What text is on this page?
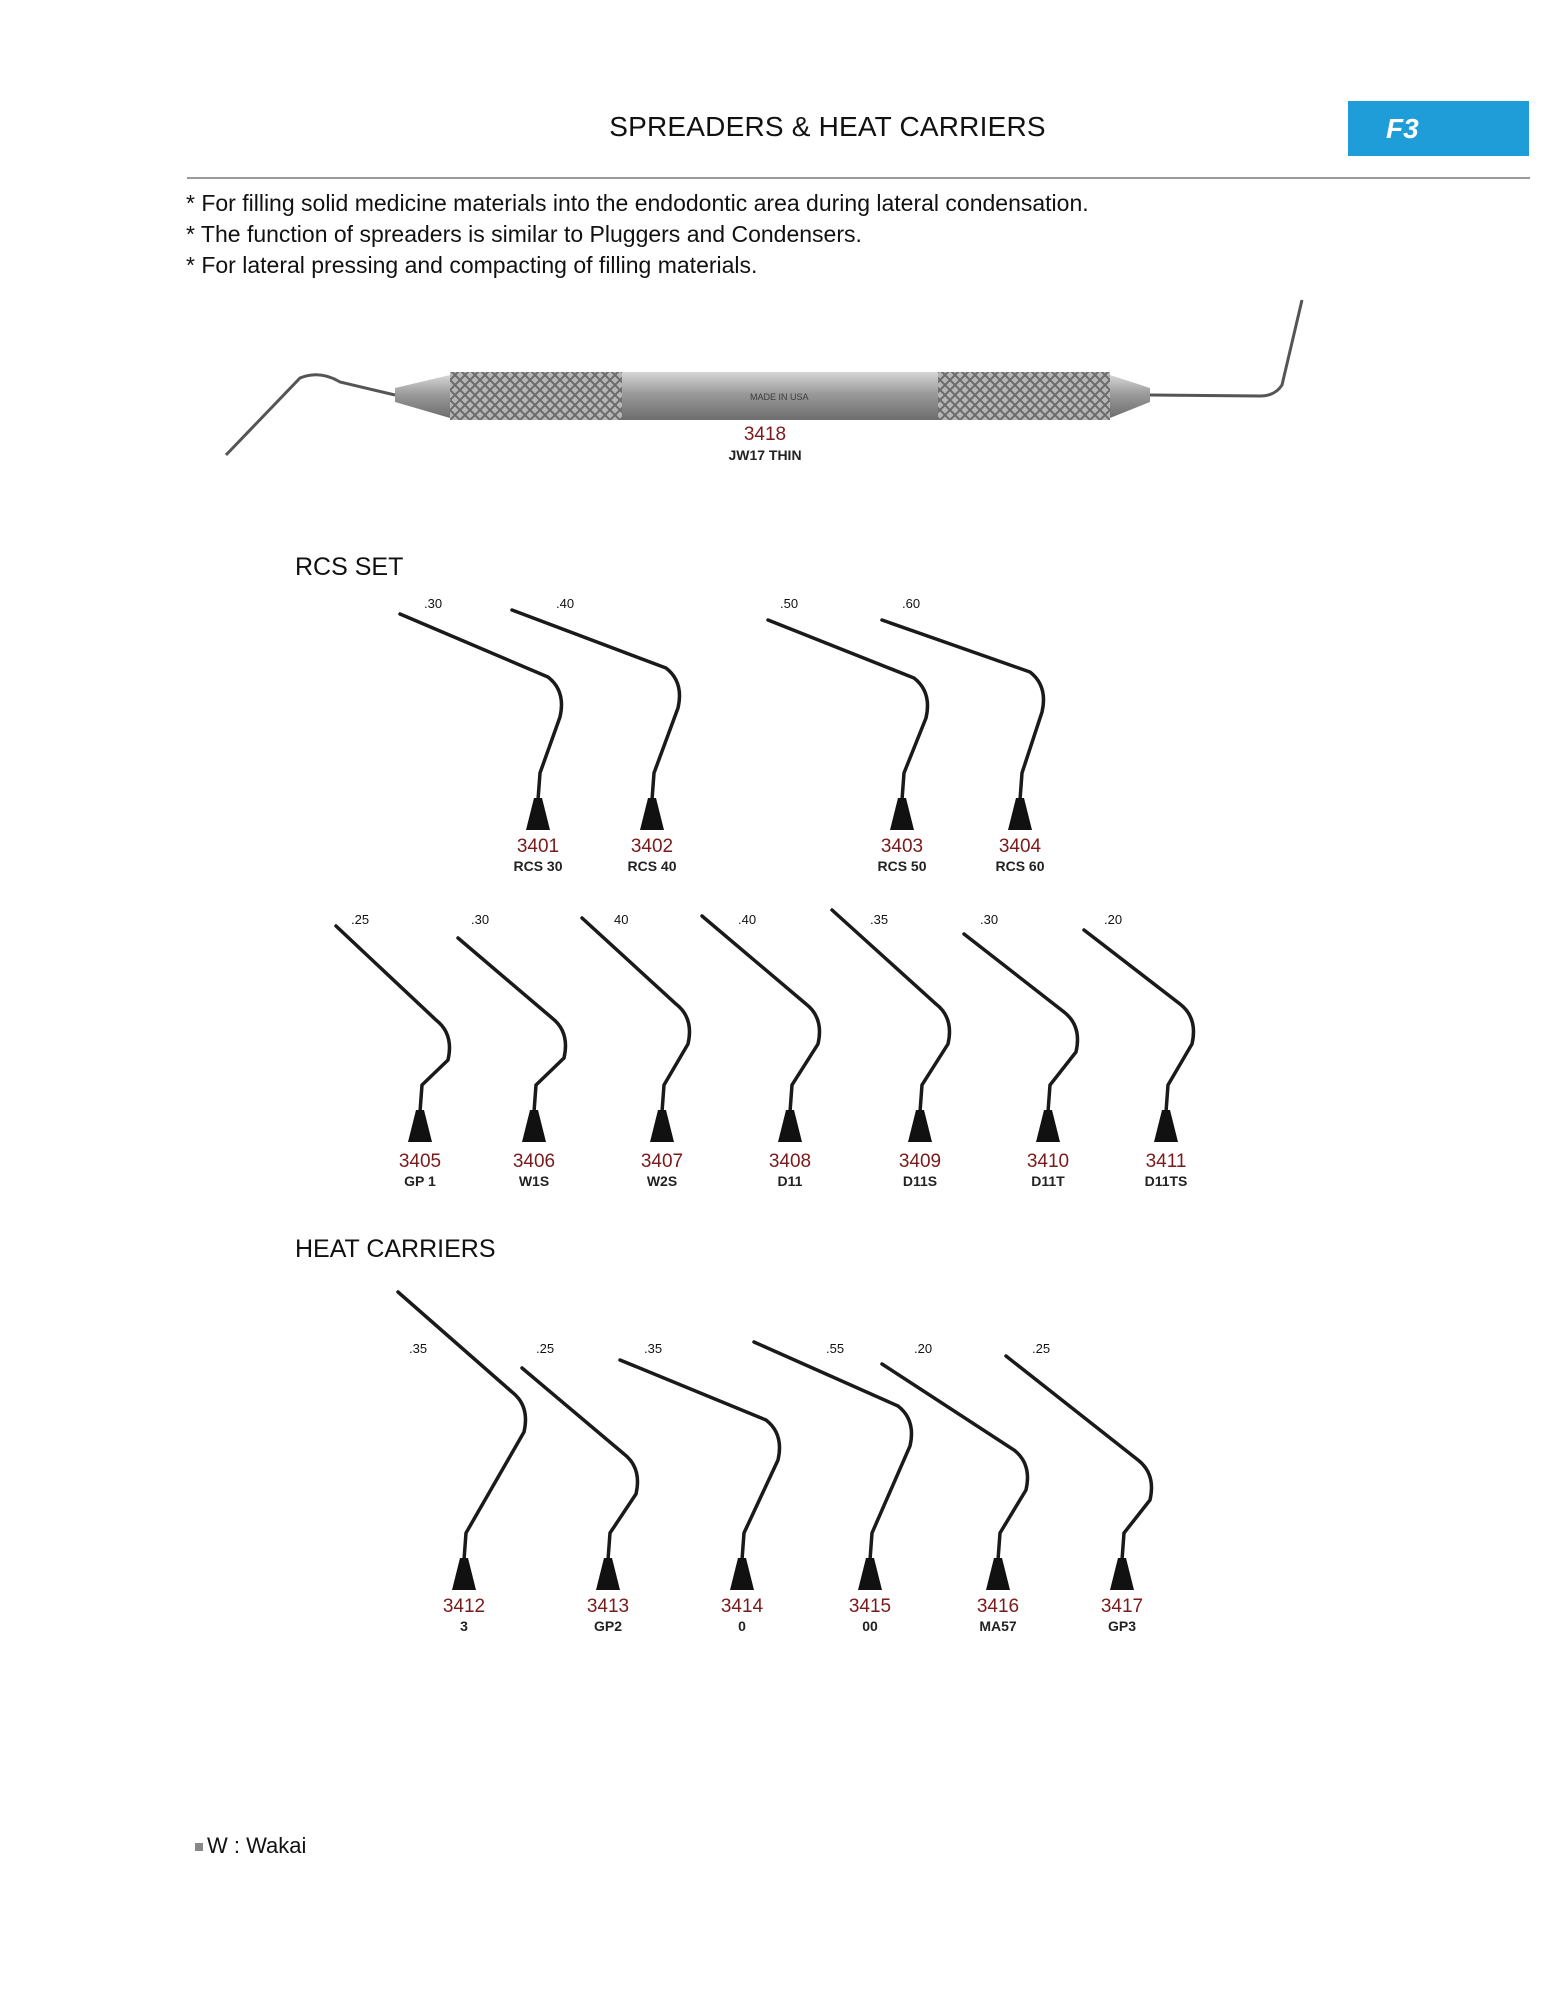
SPREADERS & HEAT CARRIERS	F3
* For filling solid medicine materials into the endodontic area during lateral condensation.
* The function of spreaders is similar to Pluggers and Condensers.
* For lateral pressing and compacting of filling materials.
MADE IN USA
3418
JW17 THIN
RCS SET
HEAT CARRIERS
W : Wakai
3401
RCS 30
.30
3402
RCS 40
.40
3403
RCS 50
.50
3404
RCS 60
.60
3405
GP 1
.25
3406
W1S
.30
3407
W2S
40
3408
D11
.40
3409
D11S
.35
3410
D11T
.30
3411
D11TS
.20
3412
3
.35
3413
GP2
.25
3414
0
.35
3415
00
.55
3416
MA57
.20
3417
GP3
.25
